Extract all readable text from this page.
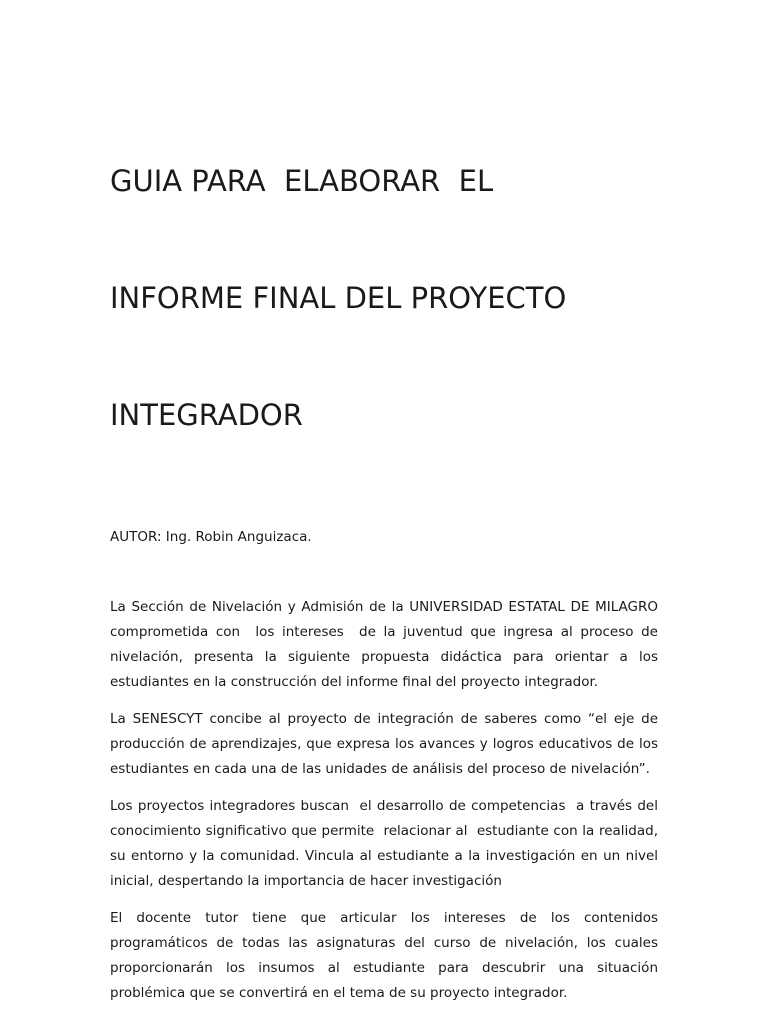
GUIA PARA  ELABORAR  EL

INFORME FINAL DEL PROYECTO

INTEGRADOR

AUTOR: Ing. Robin Anguizaca.

La Sección de Nivelación y Admisión de la UNIVERSIDAD ESTATAL DE MILAGRO  comprometida con  los intereses  de la juventud que ingresa al proceso de nivelación, presenta la siguiente propuesta didáctica para orientar a los estudiantes en la construcción del informe final del proyecto integrador.

La SENESCYT concibe al proyecto de integración de saberes como “el eje de producción de aprendizajes, que expresa los avances y logros educativos de los estudiantes en cada una de las unidades de análisis del proceso de nivelación”.

Los proyectos integradores buscan  el desarrollo de competencias  a través del conocimiento significativo que permite  relacionar al  estudiante con la realidad, su entorno y la comunidad. Vincula al estudiante a la investigación en un nivel inicial, despertando la importancia de hacer investigación

El docente tutor tiene que articular los intereses de los contenidos programáticos de todas las asignaturas del curso de nivelación, los cuales proporcionarán los insumos al estudiante para descubrir una situación problémica que se convertirá en el tema de su proyecto integrador.
